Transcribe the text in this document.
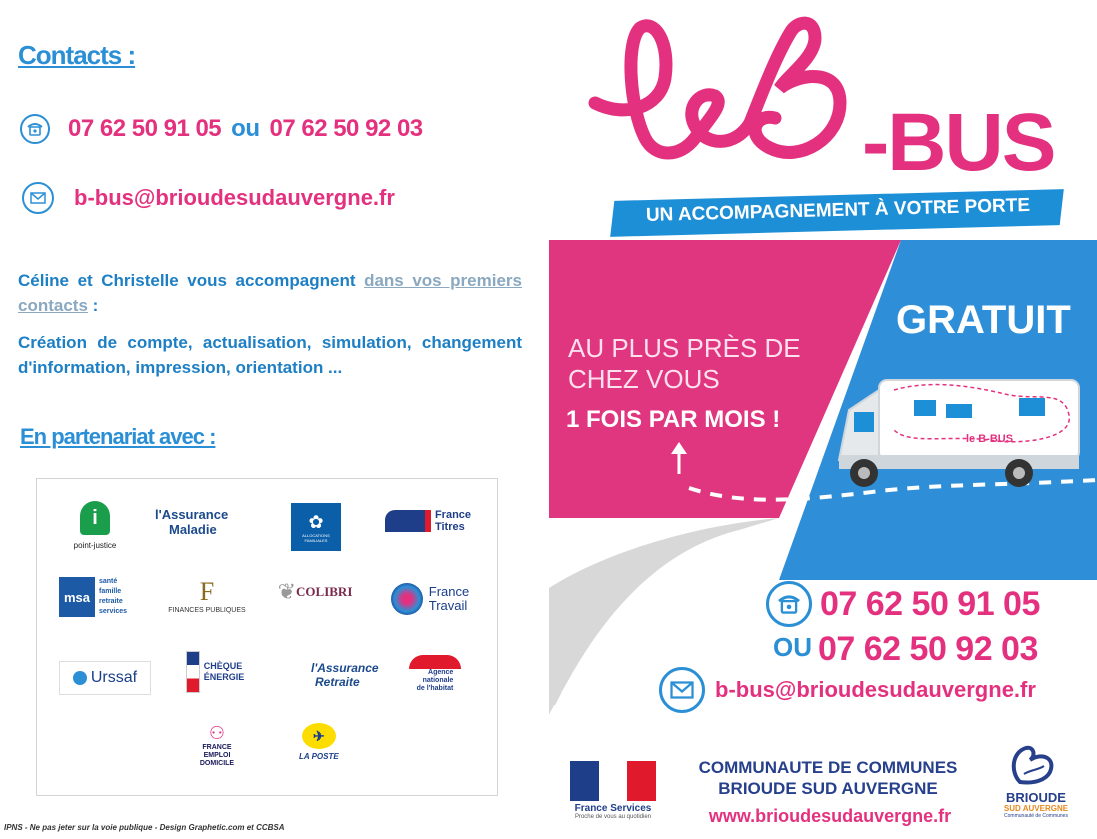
Contacts :
07 62 50 91 05 ou 07 62 50 92 03
b-bus@brioudesudauvergne.fr
Céline et Christelle vous accompagnent dans vos premiers contacts :
Création de compte, actualisation, simulation, changement d'information, impression, orientation ...
En partenariat avec :
i
point-justice
l'Assurance
Maladie	✿
ALLOCATIONS FAMILIALES
France
Titres
msa
santé
famille
retraite
services
F
FINANCES PUBLIQUES
❦ COLIBRI	France
Travail
Urssaf
CHÈQUE
ÉNERGIE
l'Assurance
Retraite
Agence
nationale
de l'habitat
⚇
FRANCE
EMPLOI
DOMICILE
✈
LA POSTE
IPNS - Ne pas jeter sur la voie publique - Design Graphetic.com et CCBSA
-BUS
UN ACCOMPAGNEMENT À VOTRE PORTE
le B-BUS
AU PLUS PRÈS DE
CHEZ VOUS
1 FOIS PAR MOIS !
GRATUIT
07 62 50 91 05
OU 07 62 50 92 03
b-bus@brioudesudauvergne.fr
France Services
Proche de vous au quotidien
COMMUNAUTE DE COMMUNES
BRIOUDE SUD AUVERGNE
www.brioudesudauvergne.fr
BRIOUDE
SUD AUVERGNE
Communauté de Communes
